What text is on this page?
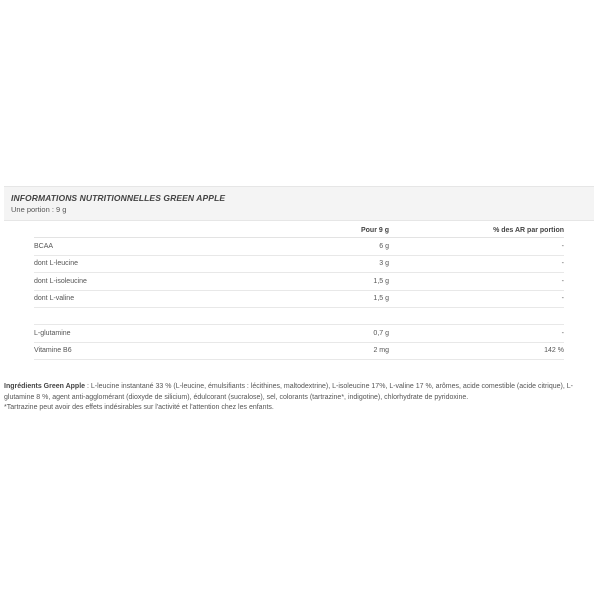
INFORMATIONS NUTRITIONNELLES GREEN APPLE
Une portion : 9 g
	Pour 9 g	% des AR par portion
BCAA	6 g	-
dont L-leucine	3 g	-
dont L-isoleucine	1,5 g	-
dont L-valine	1,5 g	-

L-glutamine	0,7 g	-
Vitamine B6	2 mg	142 %
Ingrédients Green Apple : L-leucine instantané 33 % (L-leucine, émulsifiants : lécithines, maltodextrine), L-isoleucine 17%, L-valine 17 %, arômes, acide comestible (acide citrique), L-glutamine 8 %, agent anti-agglomérant (dioxyde de silicium), édulcorant (sucralose), sel, colorants (tartrazine*, indigotine), chlorhydrate de pyridoxine.
*Tartrazine peut avoir des effets indésirables sur l'activité et l'attention chez les enfants.
